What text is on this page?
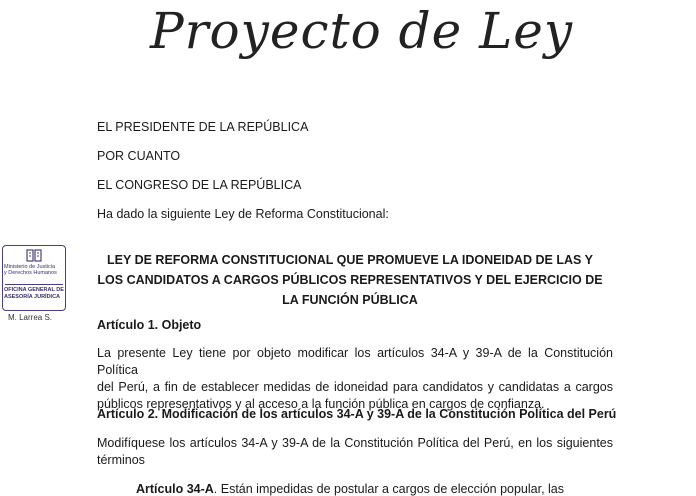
Proyecto de Ley
EL PRESIDENTE DE LA REPÚBLICA
POR CUANTO
EL CONGRESO DE LA REPÚBLICA
Ha dado la siguiente Ley de Reforma Constitucional:
Ministerio de Justicia
y Derechos Humanos
OFICINA GENERAL DE
ASESORÍA JURÍDICA
M. Larrea S.
LEY DE REFORMA CONSTITUCIONAL QUE PROMUEVE LA IDONEIDAD DE LAS Y
LOS CANDIDATOS A CARGOS PÚBLICOS REPRESENTATIVOS Y DEL EJERCICIO DE
LA FUNCIÓN PÚBLICA
Artículo 1. Objeto
La presente Ley tiene por objeto modificar los artículos 34-A y 39-A de la Constitución Política
del Perú, a fin de establecer medidas de idoneidad para candidatos y candidatas a cargos
públicos representativos y al acceso a la función pública en cargos de confianza.
Artículo 2. Modificación de los artículos 34-A y 39-A de la Constitución Política del Perú
Modifíquese los artículos 34-A y 39-A de la Constitución Política del Perú, en los siguientes
términos
Artículo 34-A. Están impedidas de postular a cargos de elección popular, las
